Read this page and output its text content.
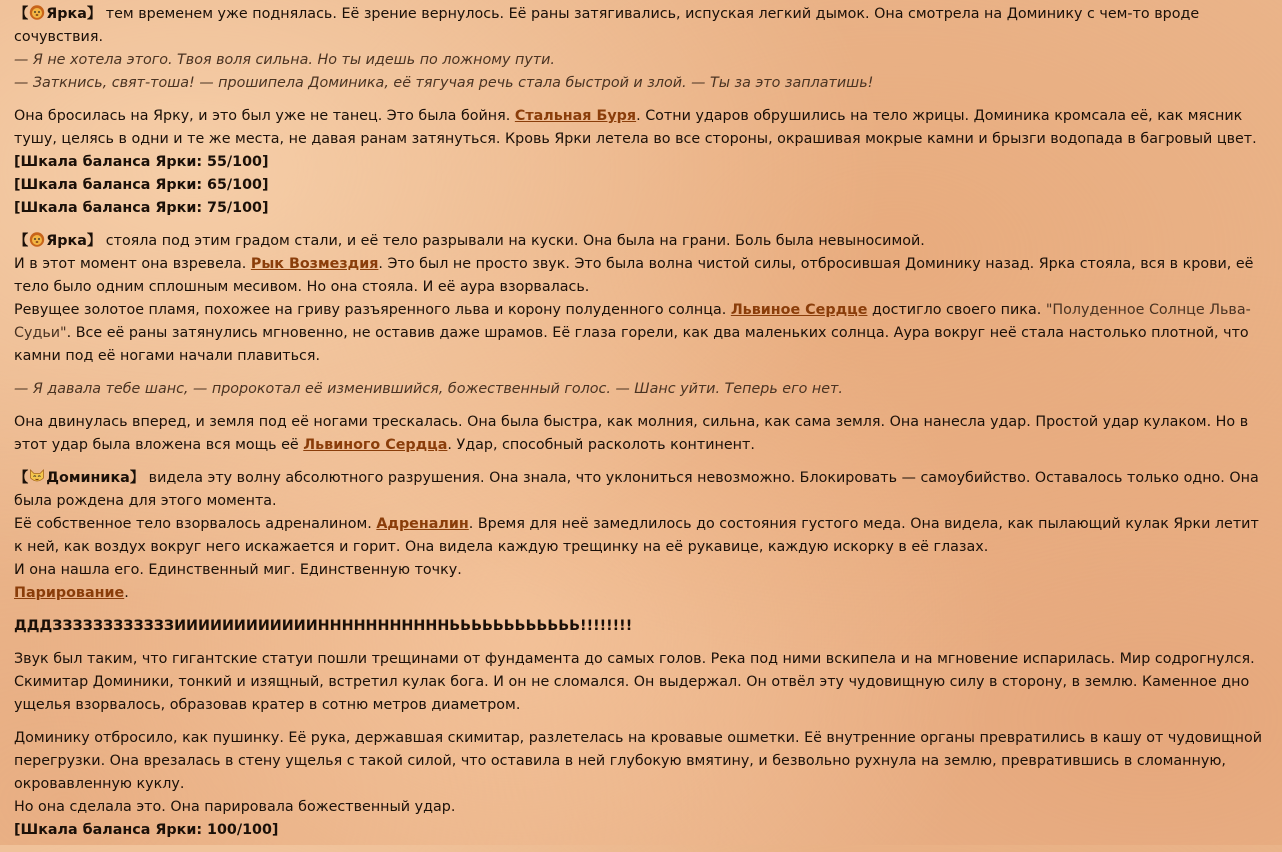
【 Ярка】 тем временем уже поднялась. Её зрение вернулось. Её раны затягивались, испуская легкий дымок. Она смотрела на Доминику с чем-то вроде сочувствия.
— Я не хотела этого. Твоя воля сильна. Но ты идешь по ложному пути.
— Заткнись, свят-тоша! — прошипела Доминика, её тягучая речь стала быстрой и злой. — Ты за это заплатишь!

Она бросилась на Ярку, и это был уже не танец. Это была бойня. Стальная Буря. Сотни ударов обрушились на тело жрицы. Доминика кромсала её, как мясник тушу, целясь в одни и те же места, не давая ранам затянуться. Кровь Ярки летела во все стороны, окрашивая мокрые камни и брызги водопада в багровый цвет.
[Шкала баланса Ярки: 55/100]
[Шкала баланса Ярки: 65/100]
[Шкала баланса Ярки: 75/100]

【 Ярка】 стояла под этим градом стали, и её тело разрывали на куски. Она была на грани. Боль была невыносимой.
И в этот момент она взревела. Рык Возмездия. Это был не просто звук. Это была волна чистой силы, отбросившая Доминику назад. Ярка стояла, вся в крови, её тело было одним сплошным месивом. Но она стояла. И её аура взорвалась.
Ревущее золотое пламя, похожее на гриву разъяренного льва и корону полуденного солнца. Львиное Сердце достигло своего пика. "Полуденное Солнце Льва-Судьи". Все её раны затянулись мгновенно, не оставив даже шрамов. Её глаза горели, как два маленьких солнца. Аура вокруг неё стала настолько плотной, что камни под её ногами начали плавиться.

— Я давала тебе шанс, — пророкотал её изменившийся, божественный голос. — Шанс уйти. Теперь его нет.

Она двинулась вперед, и земля под её ногами трескалась. Она была быстра, как молния, сильна, как сама земля. Она нанесла удар. Простой удар кулаком. Но в этот удар была вложена вся мощь её Львиного Сердца. Удар, способный расколоть континент.

【 Доминика】 видела эту волну абсолютного разрушения. Она знала, что уклониться невозможно. Блокировать — самоубийство. Оставалось только одно. Она была рождена для этого момента.
Её собственное тело взорвалось адреналином. Адреналин. Время для неё замедлилось до состояния густого меда. Она видела, как пылающий кулак Ярки летит к ней, как воздух вокруг него искажается и горит. Она видела каждую трещинку на её рукавице, каждую искорку в её глазах.
И она нашла его. Единственный миг. Единственную точку.
Парирование.

ДДДЗЗЗЗЗЗЗЗЗЗЗЗИИИИИИИИИИИИНННННННННННЬЬЬЬЬЬЬЬЬЬЬЬ!!!!!!!!

Звук был таким, что гигантские статуи пошли трещинами от фундамента до самых голов. Река под ними вскипела и на мгновение испарилась. Мир содрогнулся. Скимитар Доминики, тонкий и изящный, встретил кулак бога. И он не сломался. Он выдержал. Он отвёл эту чудовищную силу в сторону, в землю. Каменное дно ущелья взорвалось, образовав кратер в сотню метров диаметром.

Доминику отбросило, как пушинку. Её рука, державшая скимитар, разлетелась на кровавые ошметки. Её внутренние органы превратились в кашу от чудовищной перегрузки. Она врезалась в стену ущелья с такой силой, что оставила в ней глубокую вмятину, и безвольно рухнула на землю, превратившись в сломанную, окровавленную куклу.
Но она сделала это. Она парировала божественный удар.
[Шкала баланса Ярки: 100/100]
